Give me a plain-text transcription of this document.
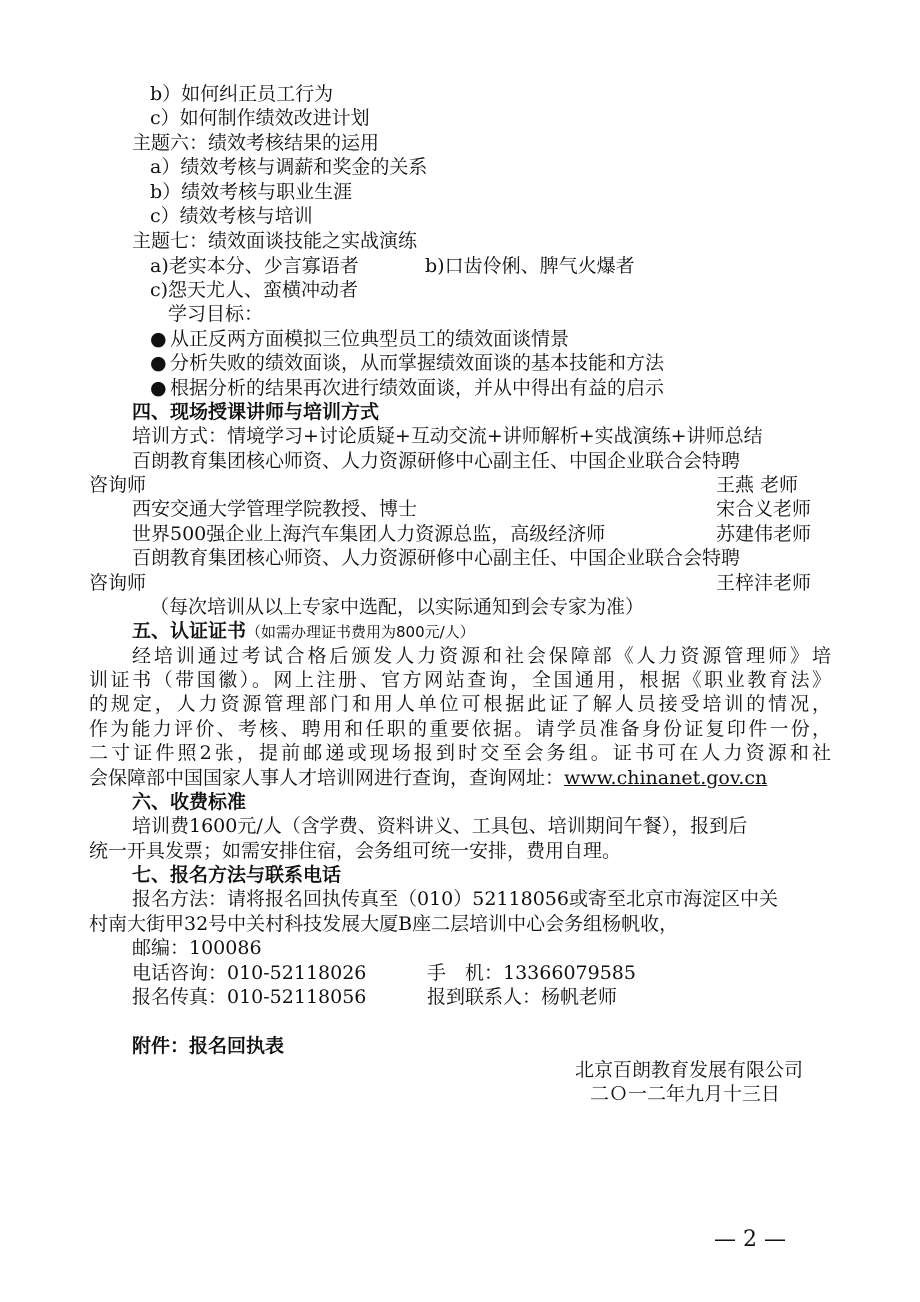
b）如何纠正员工行为
c）如何制作绩效改进计划
主题六：绩效考核结果的运用
a）绩效考核与调薪和奖金的关系
b）绩效考核与职业生涯
c）绩效考核与培训
主题七：绩效面谈技能之实战演练
a)老实本分、少言寡语者	b)口齿伶俐、脾气火爆者
c)怨天尤人、蛮横冲动者
学习目标：
● 从正反两方面模拟三位典型员工的绩效面谈情景
● 分析失败的绩效面谈，从而掌握绩效面谈的基本技能和方法
● 根据分析的结果再次进行绩效面谈，并从中得出有益的启示
四、现场授课讲师与培训方式
培训方式：情境学习+讨论质疑+互动交流+讲师解析+实战演练+讲师总结
百朗教育集团核心师资、人力资源研修中心副主任、中国企业联合会特聘
咨询师	王燕 老师
西安交通大学管理学院教授、博士	宋合义老师
世界500强企业上海汽车集团人力资源总监，高级经济师	苏建伟老师
百朗教育集团核心师资、人力资源研修中心副主任、中国企业联合会特聘
咨询师	王梓沣老师
（每次培训从以上专家中选配，以实际通知到会专家为准）
五、认证证书（如需办理证书费用为800元/人）
经培训通过考试合格后颁发人力资源和社会保障部《人力资源管理师》培
训证书（带国徽）。网上注册、官方网站查询，全国通用，根据《职业教育法》
的规定，人力资源管理部门和用人单位可根据此证了解人员接受培训的情况，
作为能力评价、考核、聘用和任职的重要依据。请学员准备身份证复印件一份，
二寸证件照2张，提前邮递或现场报到时交至会务组。证书可在人力资源和社
会保障部中国国家人事人才培训网进行查询，查询网址：www.chinanet.gov.cn
六、收费标准
培训费1600元/人（含学费、资料讲义、工具包、培训期间午餐），报到后
统一开具发票；如需安排住宿，会务组可统一安排，费用自理。
七、报名方法与联系电话
报名方法：请将报名回执传真至（010）52118056或寄至北京市海淀区中关
村南大街甲32号中关村科技发展大厦B座二层培训中心会务组杨帆收，
邮编：100086
电话咨询：010-52118026	手　机：13366079585
报名传真：010-52118056	报到联系人：杨帆老师
附件：报名回执表
北京百朗教育发展有限公司
二Ｏ一二年九月十三日
— 2 —
